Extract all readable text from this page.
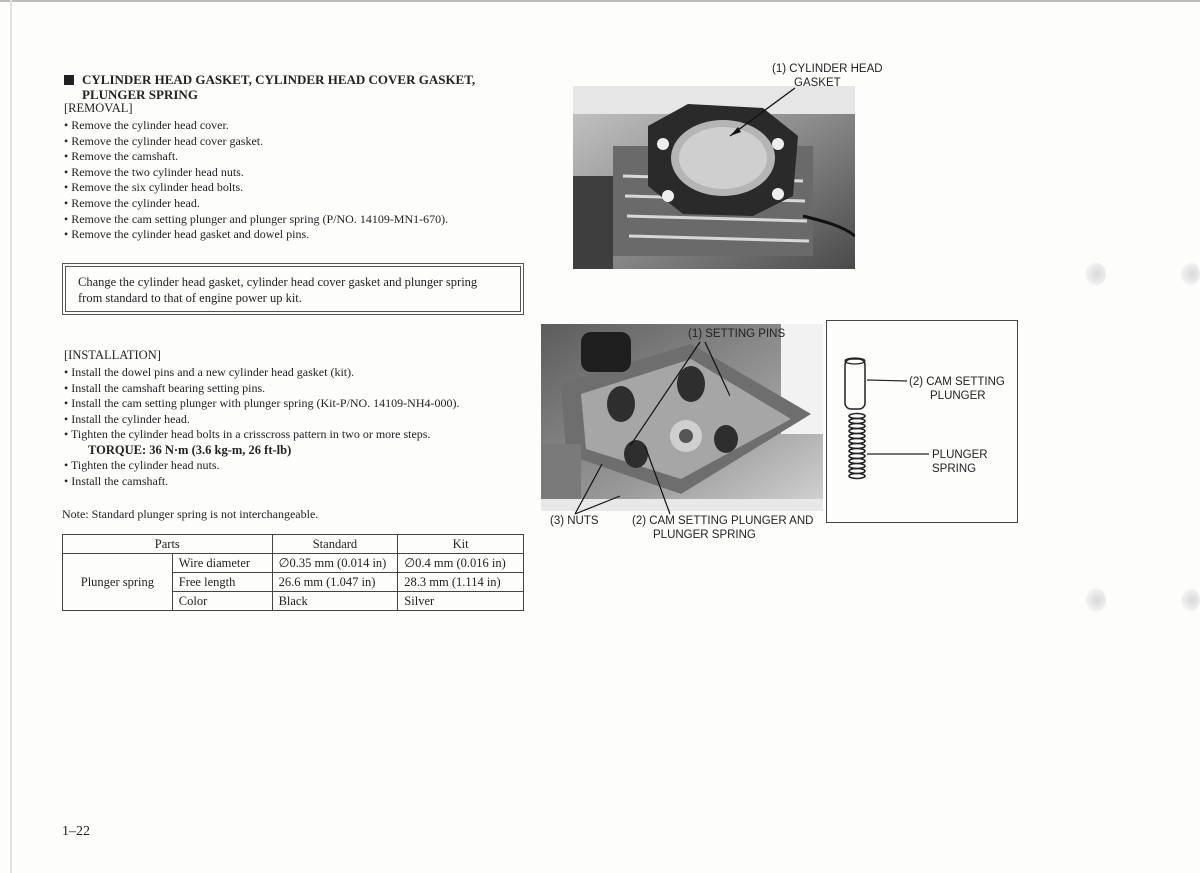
CYLINDER HEAD GASKET, CYLINDER HEAD COVER GASKET,
PLUNGER SPRING
[REMOVAL]
• Remove the cylinder head cover.
• Remove the cylinder head cover gasket.
• Remove the camshaft.
• Remove the two cylinder head nuts.
• Remove the six cylinder head bolts.
• Remove the cylinder head.
• Remove the cam setting plunger and plunger spring (P/NO. 14109-MN1-670).
• Remove the cylinder head gasket and dowel pins.
Change the cylinder head gasket, cylinder head cover gasket and plunger spring
from standard to that of engine power up kit.
[INSTALLATION]
• Install the dowel pins and a new cylinder head gasket (kit).
• Install the camshaft bearing setting pins.
• Install the cam setting plunger with plunger spring (Kit-P/NO. 14109-NH4-000).
• Install the cylinder head.
• Tighten the cylinder head bolts in a crisscross pattern in two or more steps.
TORQUE: 36 N·m (3.6 kg-m, 26 ft-lb)
• Tighten the cylinder head nuts.
• Install the camshaft.
Note: Standard plunger spring is not interchangeable.
Parts		Standard	Kit
Plunger spring	Wire diameter	∅0.35 mm (0.014 in)	∅0.4 mm (0.016 in)
	Free length	26.6 mm (1.047 in)	28.3 mm (1.114 in)
	Color	Black	Silver
(1) CYLINDER HEAD
GASKET
(1) SETTING PINS
(3) NUTS	(2) CAM SETTING PLUNGER AND
PLUNGER SPRING
(2) CAM SETTING
PLUNGER
PLUNGER
SPRING
1–22
